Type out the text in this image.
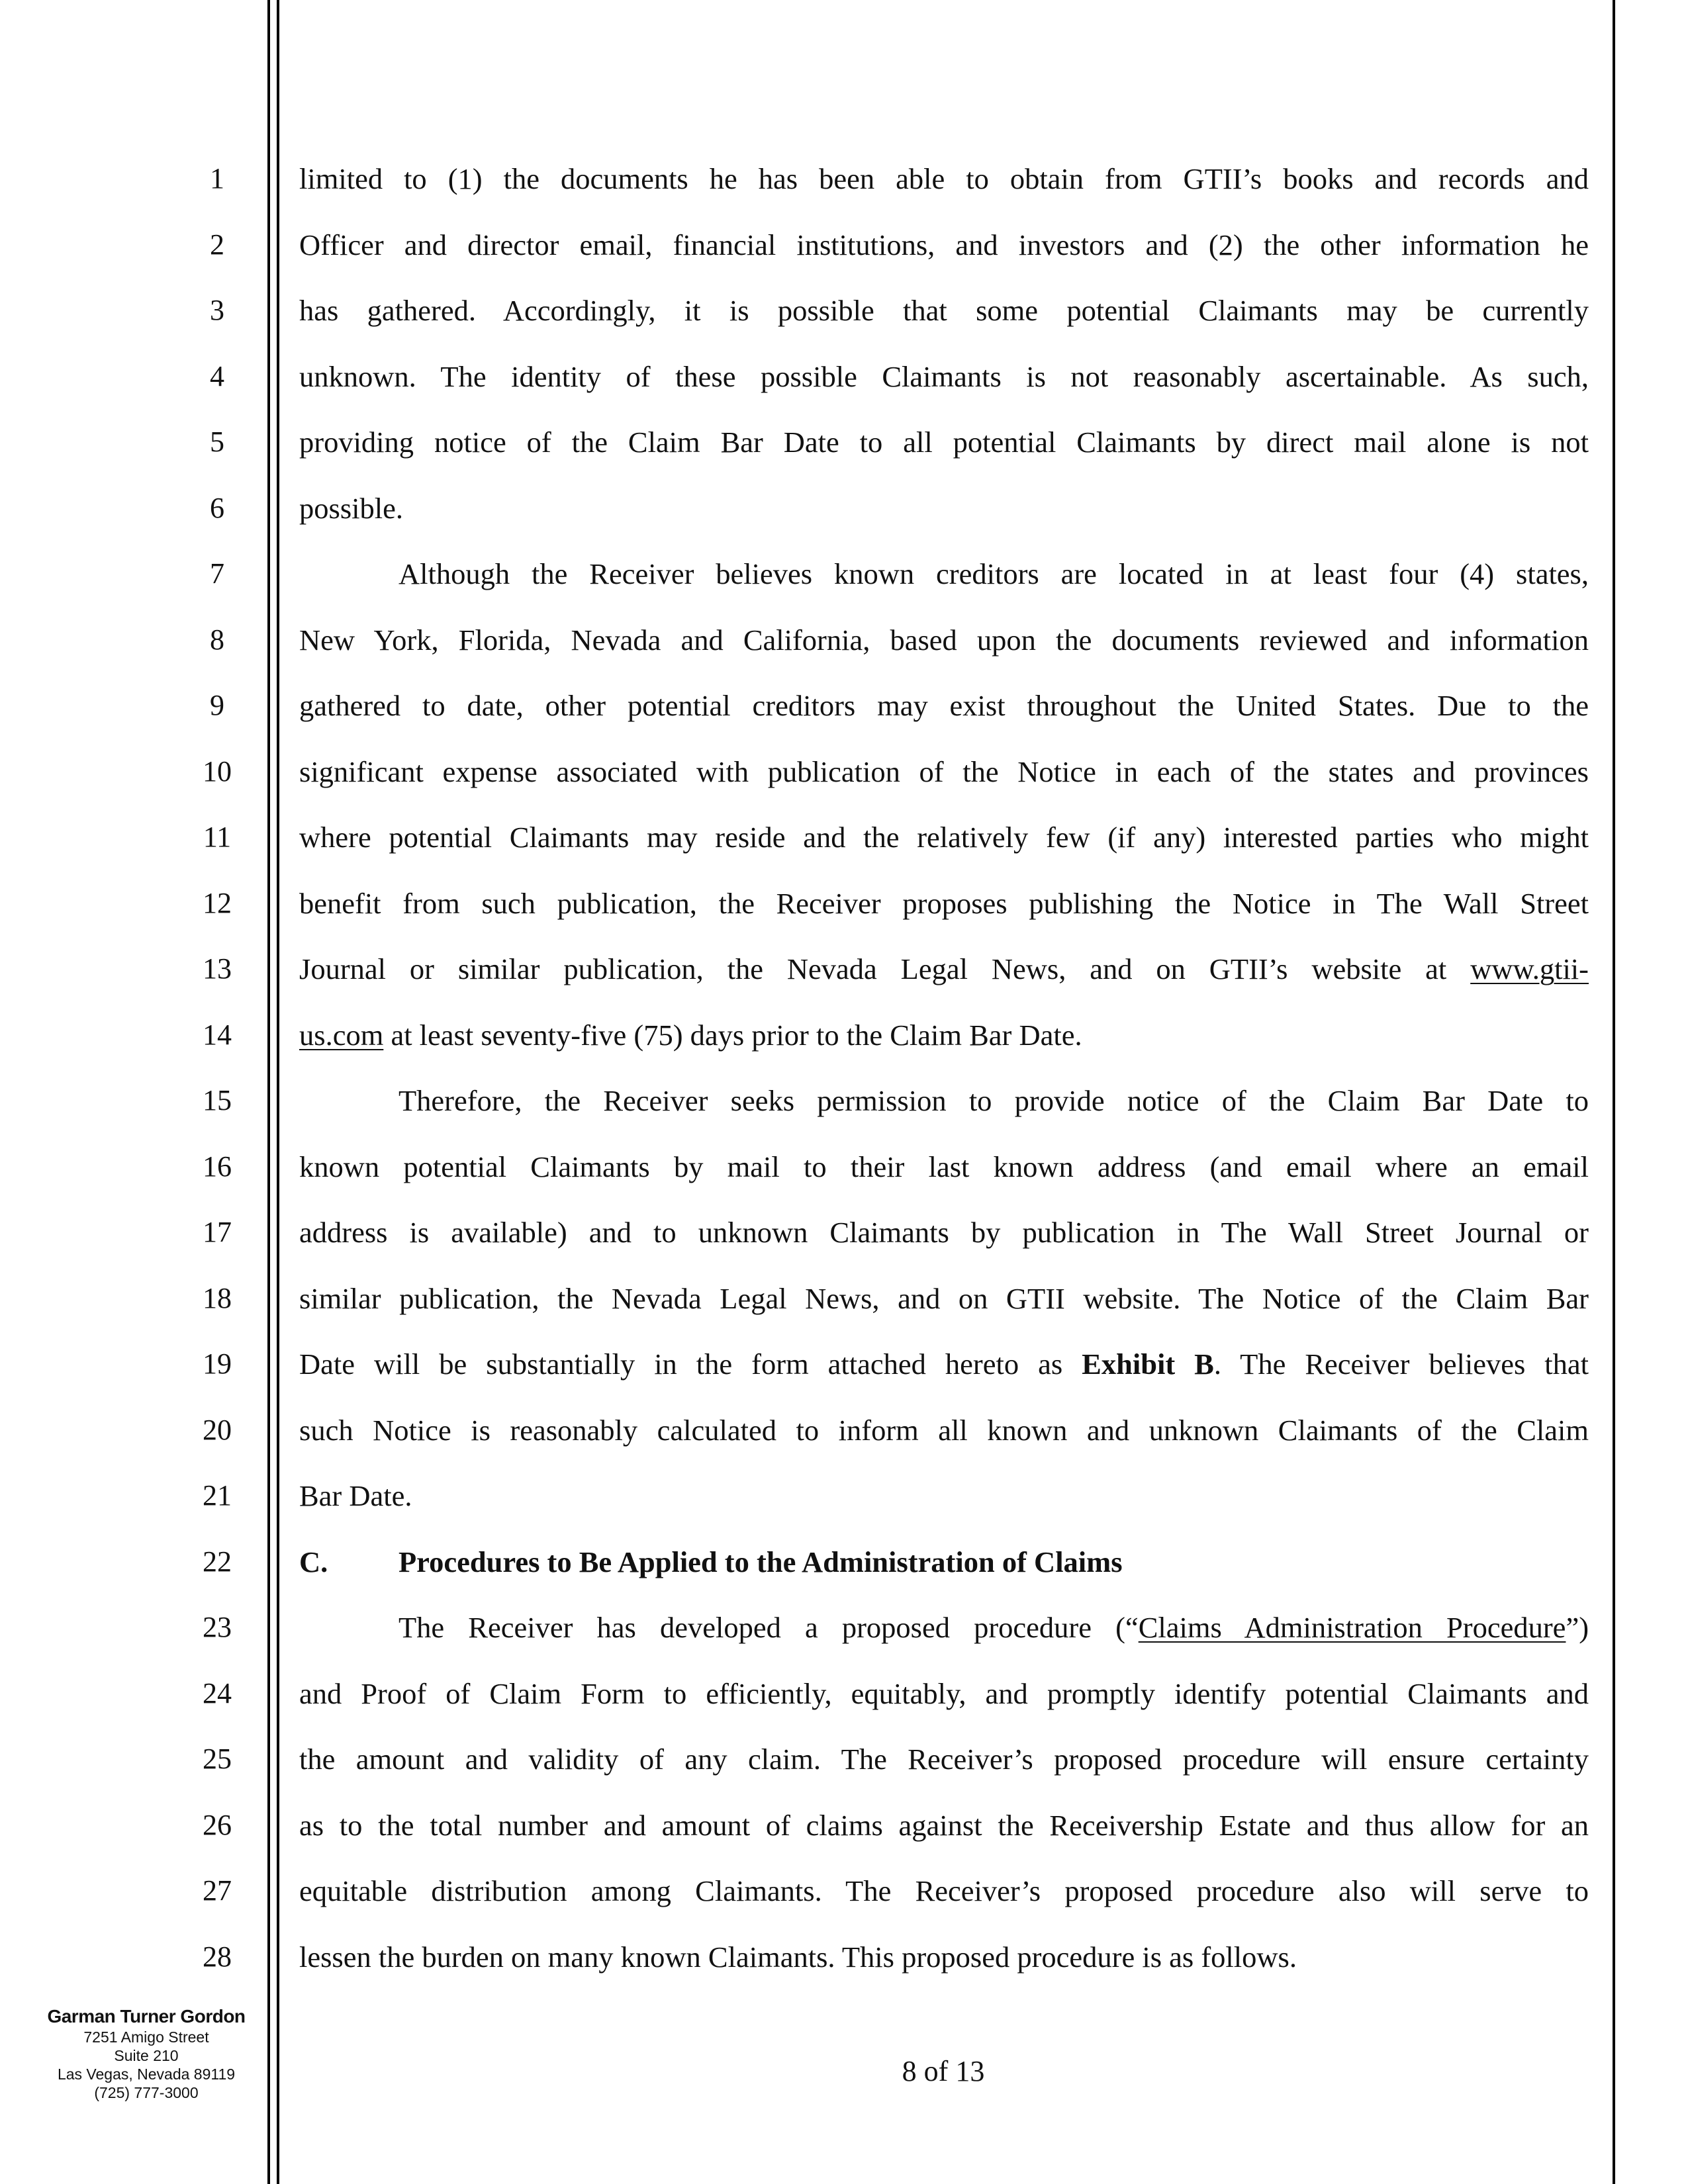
1
2
3
4
5
6
7
8
9
10
11
12
13
14
15
16
17
18
19
20
21
22
23
24
25
26
27
28
limited to (1) the documents he has been able to obtain from GTII’s books and records and
Officer and director email, financial institutions, and investors and (2) the other information he
has gathered. Accordingly, it is possible that some potential Claimants may be currently
unknown. The identity of these possible Claimants is not reasonably ascertainable. As such,
providing notice of the Claim Bar Date to all potential Claimants by direct mail alone is not
possible.
Although the Receiver believes known creditors are located in at least four (4) states,
New York, Florida, Nevada and California, based upon the documents reviewed and information
gathered to date, other potential creditors may exist throughout the United States. Due to the
significant expense associated with publication of the Notice in each of the states and provinces
where potential Claimants may reside and the relatively few (if any) interested parties who might
benefit from such publication, the Receiver proposes publishing the Notice in The Wall Street
Journal or similar publication, the Nevada Legal News, and on GTII’s website at www.gtii-
us.com at least seventy-five (75) days prior to the Claim Bar Date.
Therefore, the Receiver seeks permission to provide notice of the Claim Bar Date to
known potential Claimants by mail to their last known address (and email where an email
address is available) and to unknown Claimants by publication in The Wall Street Journal or
similar publication, the Nevada Legal News, and on GTII website. The Notice of the Claim Bar
Date will be substantially in the form attached hereto as Exhibit B. The Receiver believes that
such Notice is reasonably calculated to inform all known and unknown Claimants of the Claim
Bar Date.
C. Procedures to Be Applied to the Administration of Claims
The Receiver has developed a proposed procedure (“Claims Administration Procedure”)
and Proof of Claim Form to efficiently, equitably, and promptly identify potential Claimants and
the amount and validity of any claim. The Receiver’s proposed procedure will ensure certainty
as to the total number and amount of claims against the Receivership Estate and thus allow for an
equitable distribution among Claimants. The Receiver’s proposed procedure also will serve to
lessen the burden on many known Claimants. This proposed procedure is as follows.
Garman Turner Gordon
7251 Amigo Street
Suite 210
Las Vegas, Nevada 89119
(725) 777-3000
8 of 13
